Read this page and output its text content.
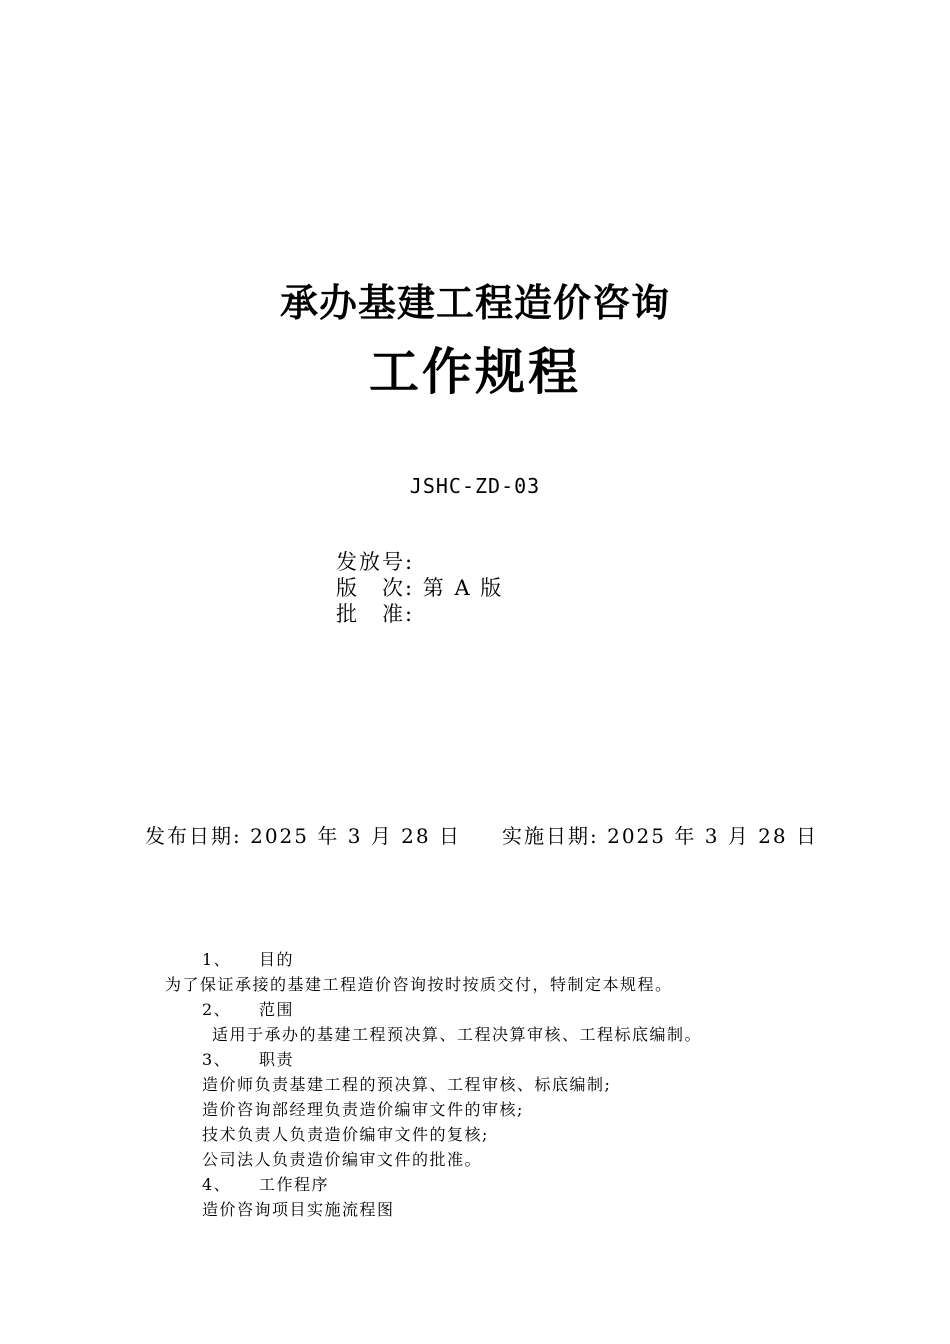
承办基建工程造价咨询
工作规程
JSHC-ZD-03
发放号:
版　次: 第 A 版
批　准:
发布日期: 2025 年 3 月 28 日 实施日期: 2025 年 3 月 28 日
1、 目的
为了保证承接的基建工程造价咨询按时按质交付，特制定本规程。
2、 范围
适用于承办的基建工程预决算、工程决算审核、工程标底编制。
3、 职责
造价师负责基建工程的预决算、工程审核、标底编制;
造价咨询部经理负责造价编审文件的审核;
技术负责人负责造价编审文件的复核;
公司法人负责造价编审文件的批准。
4、 工作程序
造价咨询项目实施流程图
